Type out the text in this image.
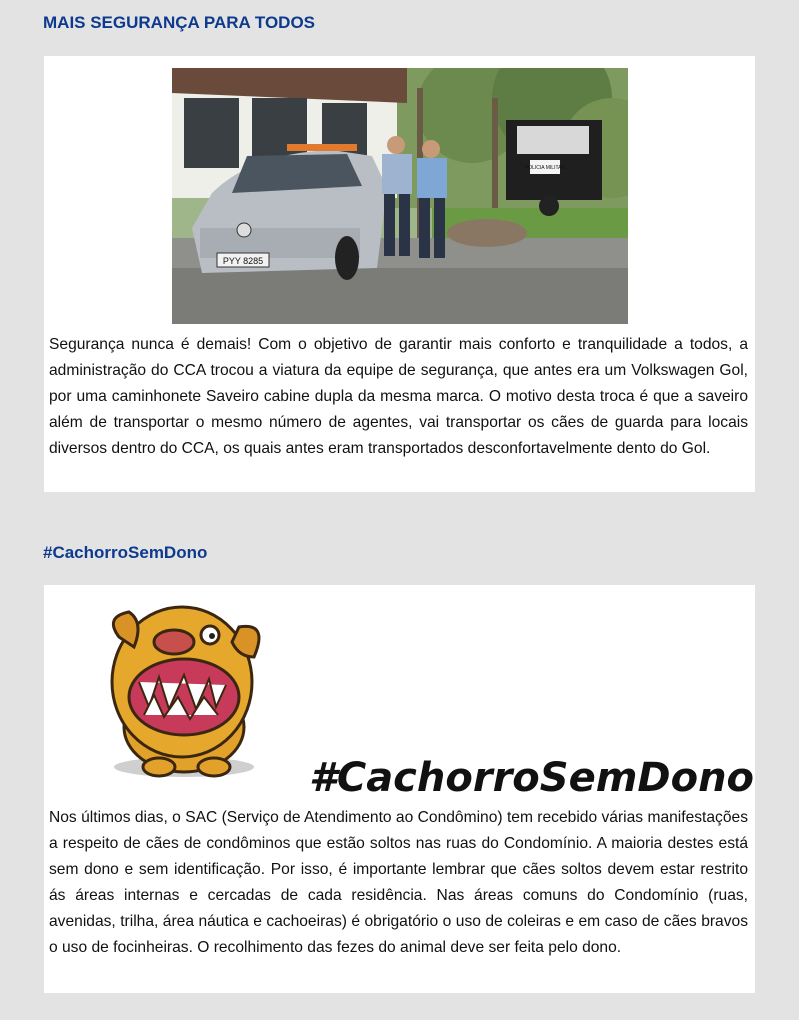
MAIS SEGURANÇA PARA TODOS
POLICIA MILITAR
PYY 8285

Segurança nunca é demais! Com o objetivo de garantir mais conforto e tranquilidade a todos, a administração do CCA trocou a viatura da equipe de segurança, que antes era um Volkswagen Gol, por uma caminhonete Saveiro cabine dupla da mesma marca. O motivo desta troca é que a saveiro além de transportar o mesmo número de agentes, vai transportar os cães de guarda para locais diversos dentro do CCA, os quais antes eram transportados desconfortavelmente dento do Gol.

#CachorroSemDono
#CachorroSemDono

Nos últimos dias, o SAC (Serviço de Atendimento ao Condômino) tem recebido várias manifestações a respeito de cães de condôminos que estão soltos nas ruas do Condomínio. A maioria destes está sem dono e sem identificação. Por isso, é importante lembrar que cães soltos devem estar restrito ás áreas internas e cercadas de cada residência. Nas áreas comuns do Condomínio (ruas, avenidas, trilha, área náutica e cachoeiras) é obrigatório o uso de coleiras e em caso de cães bravos o uso de focinheiras. O recolhimento das fezes do animal deve ser feita pelo dono.
